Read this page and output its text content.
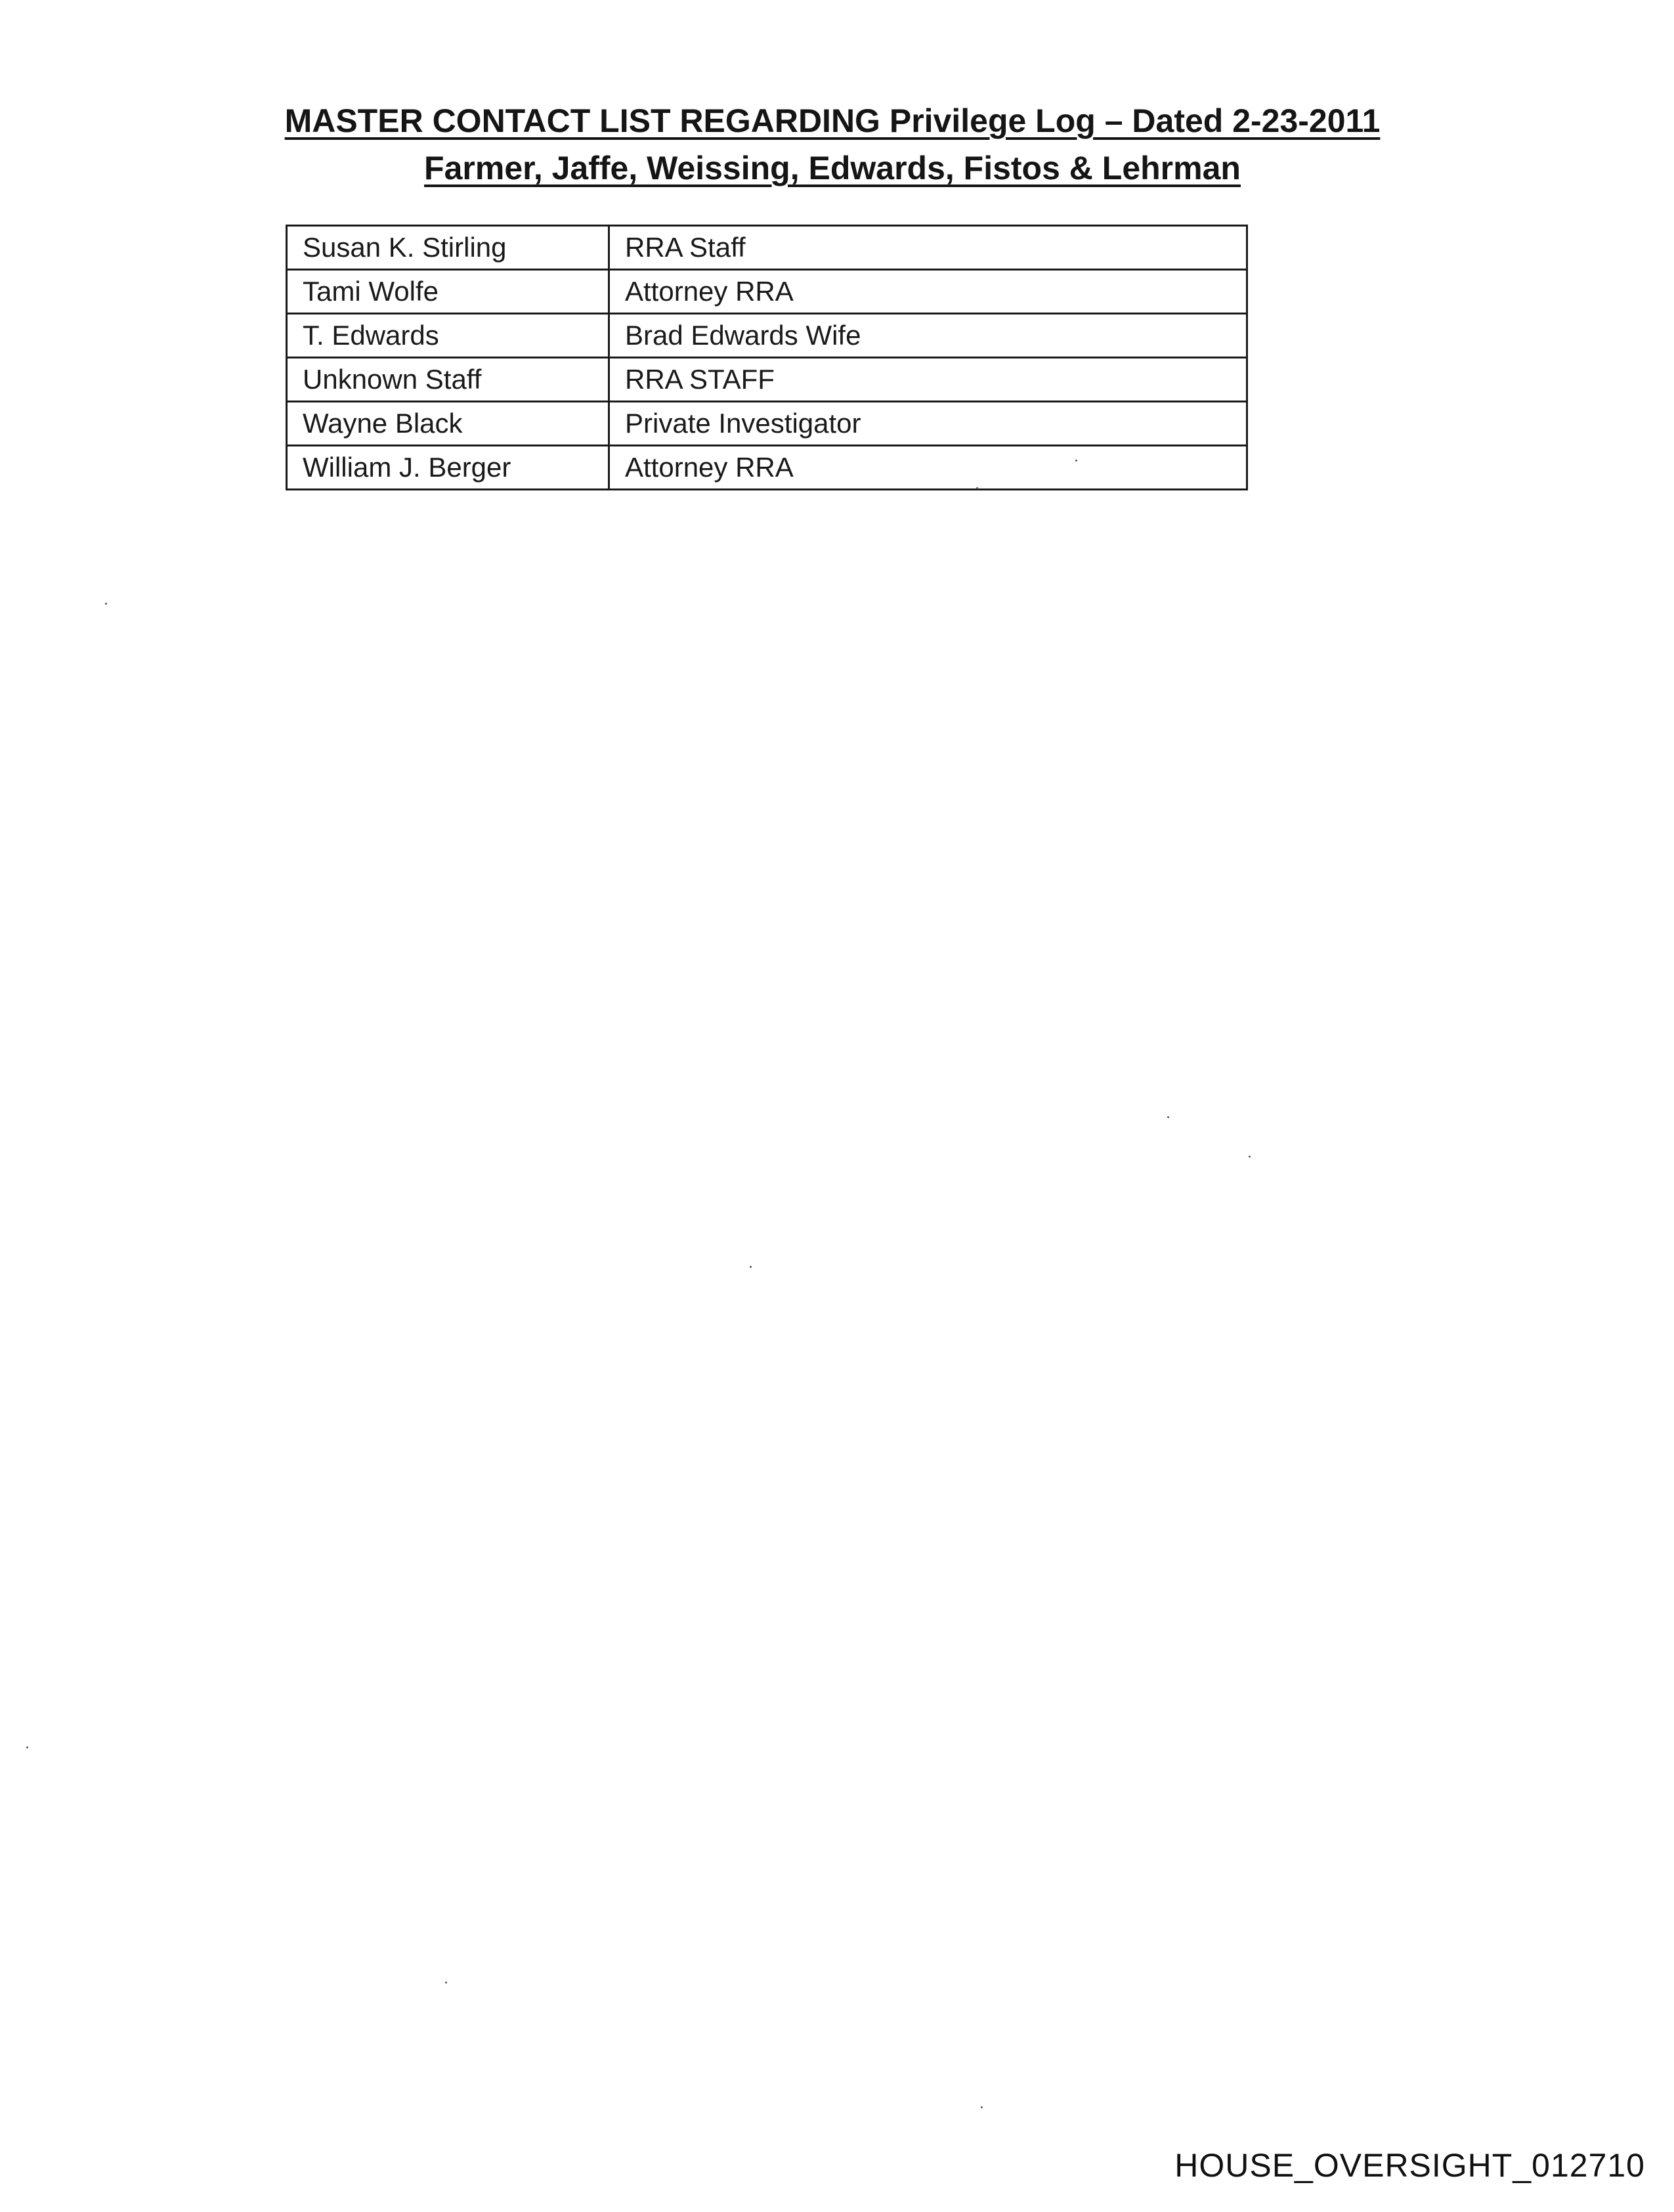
MASTER CONTACT LIST REGARDING Privilege Log – Dated 2-23-2011

Farmer, Jaffe, Weissing, Edwards, Fistos & Lehrman

Susan K. Stirling	RRA Staff
Tami Wolfe	Attorney RRA
T. Edwards	Brad Edwards Wife
Unknown Staff	RRA STAFF
Wayne Black	Private Investigator
William J. Berger	Attorney RRA
HOUSE_OVERSIGHT_012710
